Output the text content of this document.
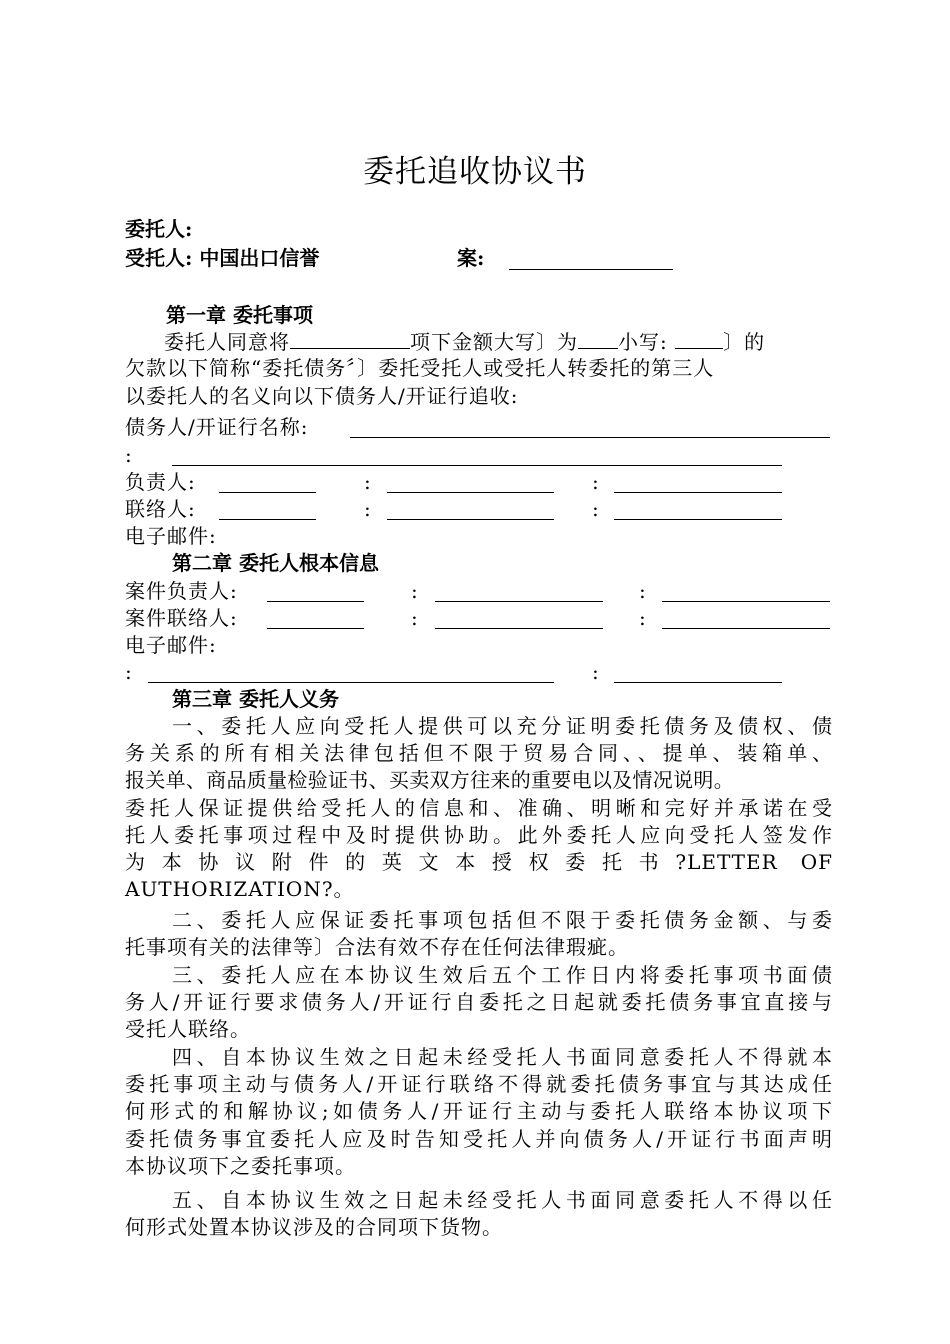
委托追收协议书
委托人:
受托人: 中国出口信誉	案:
第一章 委托事项
委托人同意将	项下金额大写〕为 小写:	〕的
欠款以下简称“委托债务〞〕委托受托人或受托人转委托的第三人
以委托人的名义向以下债务人/开证行追收:
债务人/开证行名称:
:
负责人:	:	:
联络人:	:	:
电子邮件:
第二章 委托人根本信息
案件负责人:	:	:
案件联络人:	:	:
电子邮件:
:	:
第三章 委托人义务
一、委托人应向受托人提供可以充分证明委托债务及债权、债
务关系的所有相关法律包括但不限于贸易合同、、提单、装箱单、
报关单、商品质量检验证书、买卖双方往来的重要电以及情况说明。
委托人保证提供给受托人的信息和、准确、明晰和完好并承诺在受
托人委托事项过程中及时提供协助。此外委托人应向受托人签发作
为本协议附件的英文本授权委托书?LETTER OF
AUTHORIZATION?。
二、委托人应保证委托事项包括但不限于委托债务金额、与委
托事项有关的法律等〕合法有效不存在任何法律瑕疵。
三、委托人应在本协议生效后五个工作日内将委托事项书面债
务人/开证行要求债务人/开证行自委托之日起就委托债务事宜直接与
受托人联络。
四、自本协议生效之日起未经受托人书面同意委托人不得就本
委托事项主动与债务人/开证行联络不得就委托债务事宜与其达成任
何形式的和解协议;如债务人/开证行主动与委托人联络本协议项下
委托债务事宜委托人应及时告知受托人并向债务人/开证行书面声明
本协议项下之委托事项。
五、自本协议生效之日起未经受托人书面同意委托人不得以任
何形式处置本协议涉及的合同项下货物。
